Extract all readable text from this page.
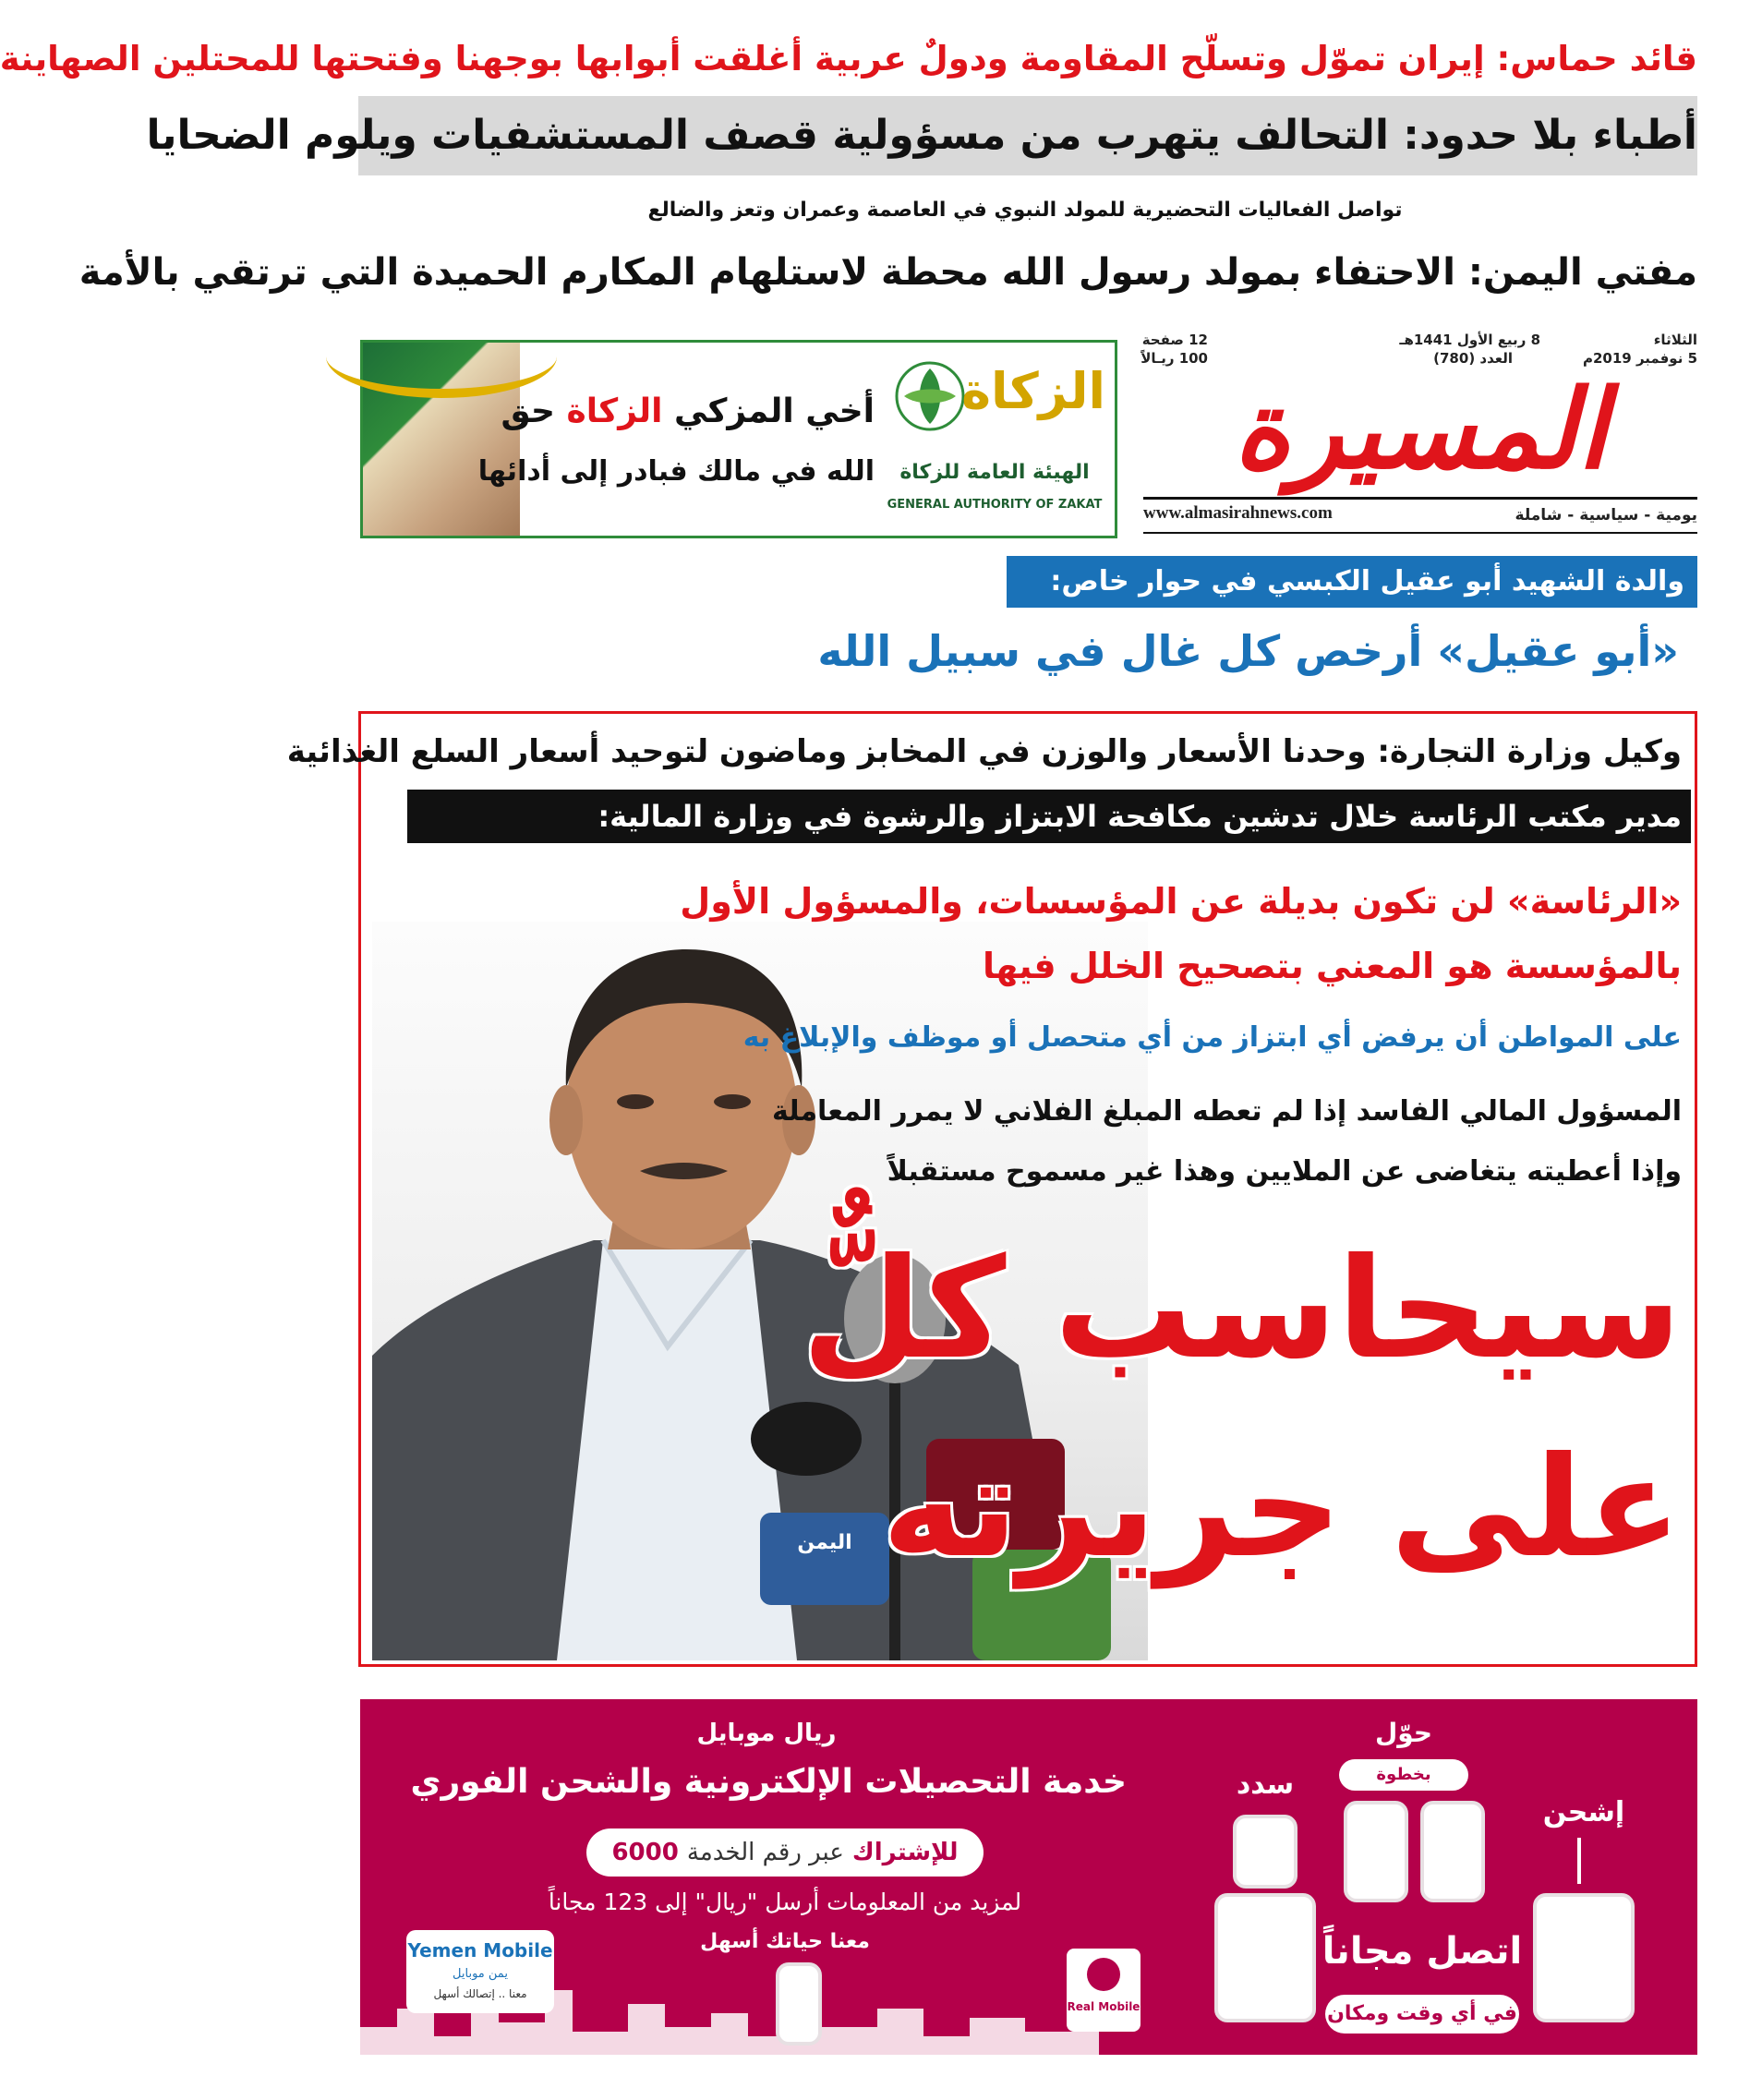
قائد حماس: إيران تموّل وتسلّح المقاومة ودولٌ عربية أغلقت أبوابها بوجهنا وفتحتها للمحتلين الصهاينة
أطباء بلا حدود: التحالف يتهرب من مسؤولية قصف المستشفيات ويلوم الضحايا
تواصل الفعاليات التحضيرية للمولد النبوي في العاصمة وعمران وتعز والضالع
مفتي اليمن: الاحتفاء بمولد رسول الله محطة لاستلهام المكارم الحميدة التي ترتقي بالأمة
الثلاثاء
5 نوفمبر 2019م
8 ربيع الأول 1441هـ
العدد (780)
12 صفحة
100 ريـالاً
المسيرة
يومية - سياسية - شاملة
www.almasirahnews.com
الزكاة
الهيئة العامة للزكاة
GENERAL AUTHORITY OF ZAKAT
أخي المزكي الزكاة حق
الله في مالك فبادر إلى أدائها
والدة الشهيد أبو عقيل الكبسي في حوار خاص:
«أبو عقيل» أرخص كل غال في سبيل الله
اليمن
وكيل وزارة التجارة: وحدنا الأسعار والوزن في المخابز وماضون لتوحيد أسعار السلع الغذائية
مدير مكتب الرئاسة خلال تدشين مكافحة الابتزاز والرشوة في وزارة المالية:
«الرئاسة» لن تكون بديلة عن المؤسسات، والمسؤول الأول
بالمؤسسة هو المعني بتصحيح الخلل فيها
على المواطن أن يرفض أي ابتزاز من أي متحصل أو موظف والإبلاغ به
المسؤول المالي الفاسد إذا لم تعطه المبلغ الفلاني لا يمرر المعاملة
وإذا أعطيته يتغاضى عن الملايين وهذا غير مسموح مستقبلاً
سيحاسب كلٌّ
على جريرته
Yemen Mobile
يمن موبايل
معنا .. إتصالك أسهل
Real Mobile
ريال موبايل
خدمة التحصيلات الإلكترونية والشحن الفوري
للإشتراك عبر رقم الخدمة 6000
لمزيد من المعلومات أرسل "ريال" إلى 123 مجاناً
معنا حياتك أسهل
حوّل
بخطوة
سدد
إشحن
اتصل مجاناً
في أي وقت ومكان
